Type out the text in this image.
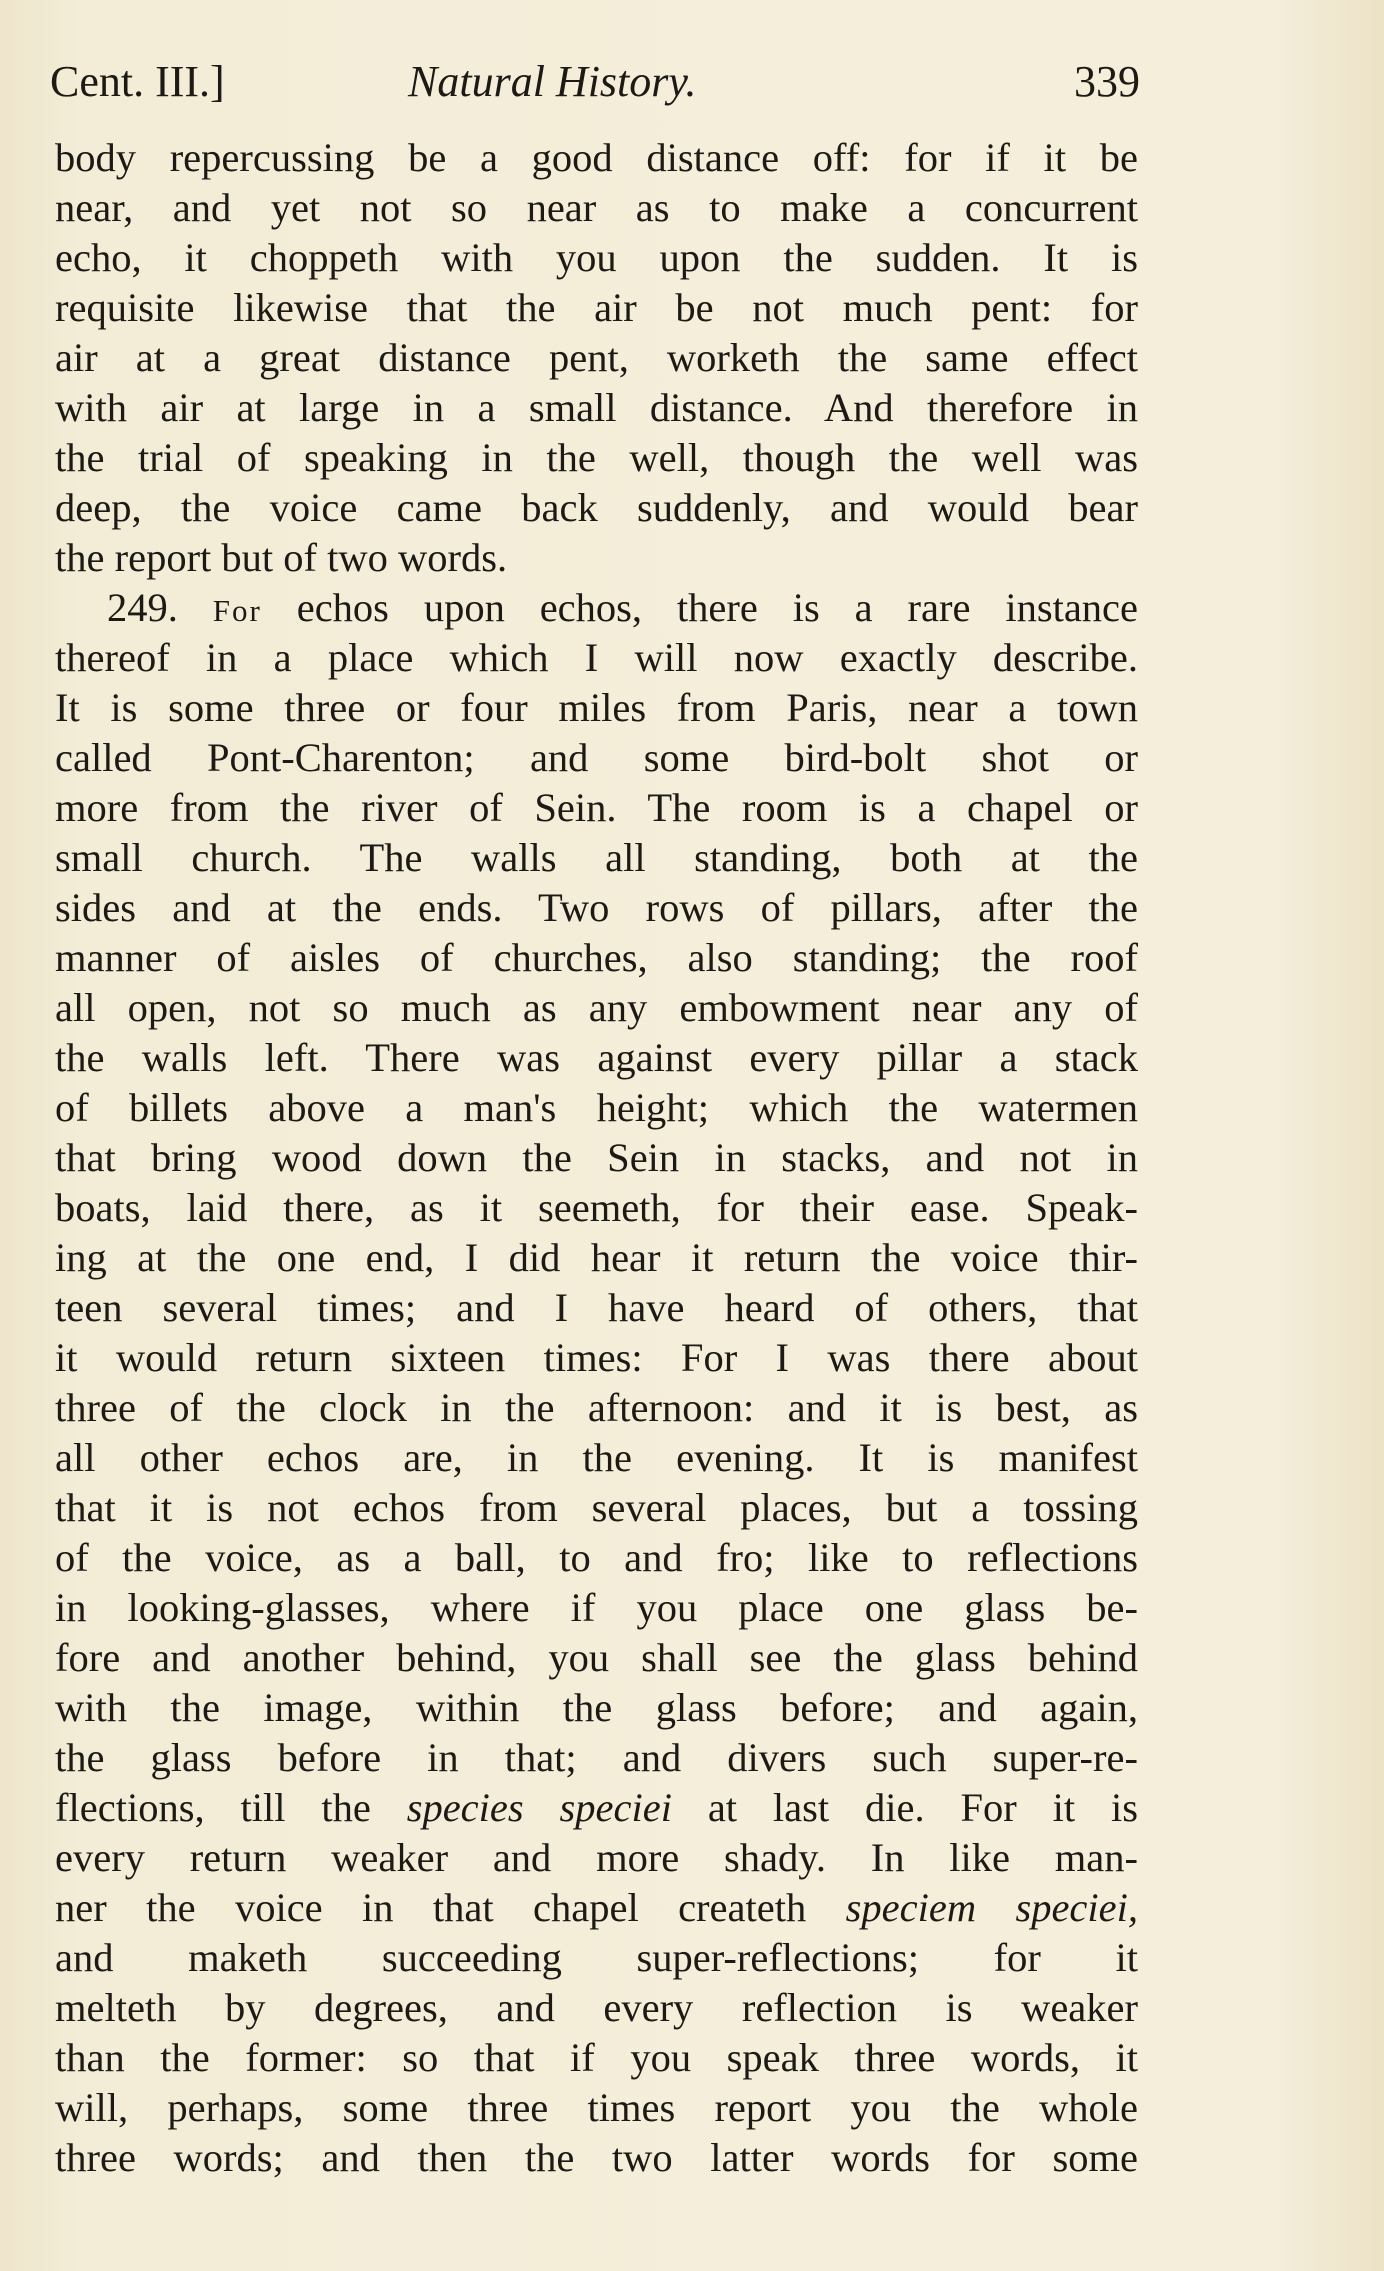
Cent. III.]	Natural History.	339
body repercussing be a good distance off: for if it be
near, and yet not so near as to make a concurrent
echo, it choppeth with you upon the sudden. It is
requisite likewise that the air be not much pent: for
air at a great distance pent, worketh the same effect
with air at large in a small distance. And therefore in
the trial of speaking in the well, though the well was
deep, the voice came back suddenly, and would bear
the report but of two words.
249. For echos upon echos, there is a rare instance
thereof in a place which I will now exactly describe.
It is some three or four miles from Paris, near a town
called Pont-Charenton; and some bird-bolt shot or
more from the river of Sein. The room is a chapel or
small church. The walls all standing, both at the
sides and at the ends. Two rows of pillars, after the
manner of aisles of churches, also standing; the roof
all open, not so much as any embowment near any of
the walls left. There was against every pillar a stack
of billets above a man's height; which the watermen
that bring wood down the Sein in stacks, and not in
boats, laid there, as it seemeth, for their ease. Speak-
ing at the one end, I did hear it return the voice thir-
teen several times; and I have heard of others, that
it would return sixteen times: For I was there about
three of the clock in the afternoon: and it is best, as
all other echos are, in the evening. It is manifest
that it is not echos from several places, but a tossing
of the voice, as a ball, to and fro; like to reflections
in looking-glasses, where if you place one glass be-
fore and another behind, you shall see the glass behind
with the image, within the glass before; and again,
the glass before in that; and divers such super-re-
flections, till the species speciei at last die. For it is
every return weaker and more shady. In like man-
ner the voice in that chapel createth speciem speciei,
and maketh succeeding super-reflections; for it
melteth by degrees, and every reflection is weaker
than the former: so that if you speak three words, it
will, perhaps, some three times report you the whole
three words; and then the two latter words for some
